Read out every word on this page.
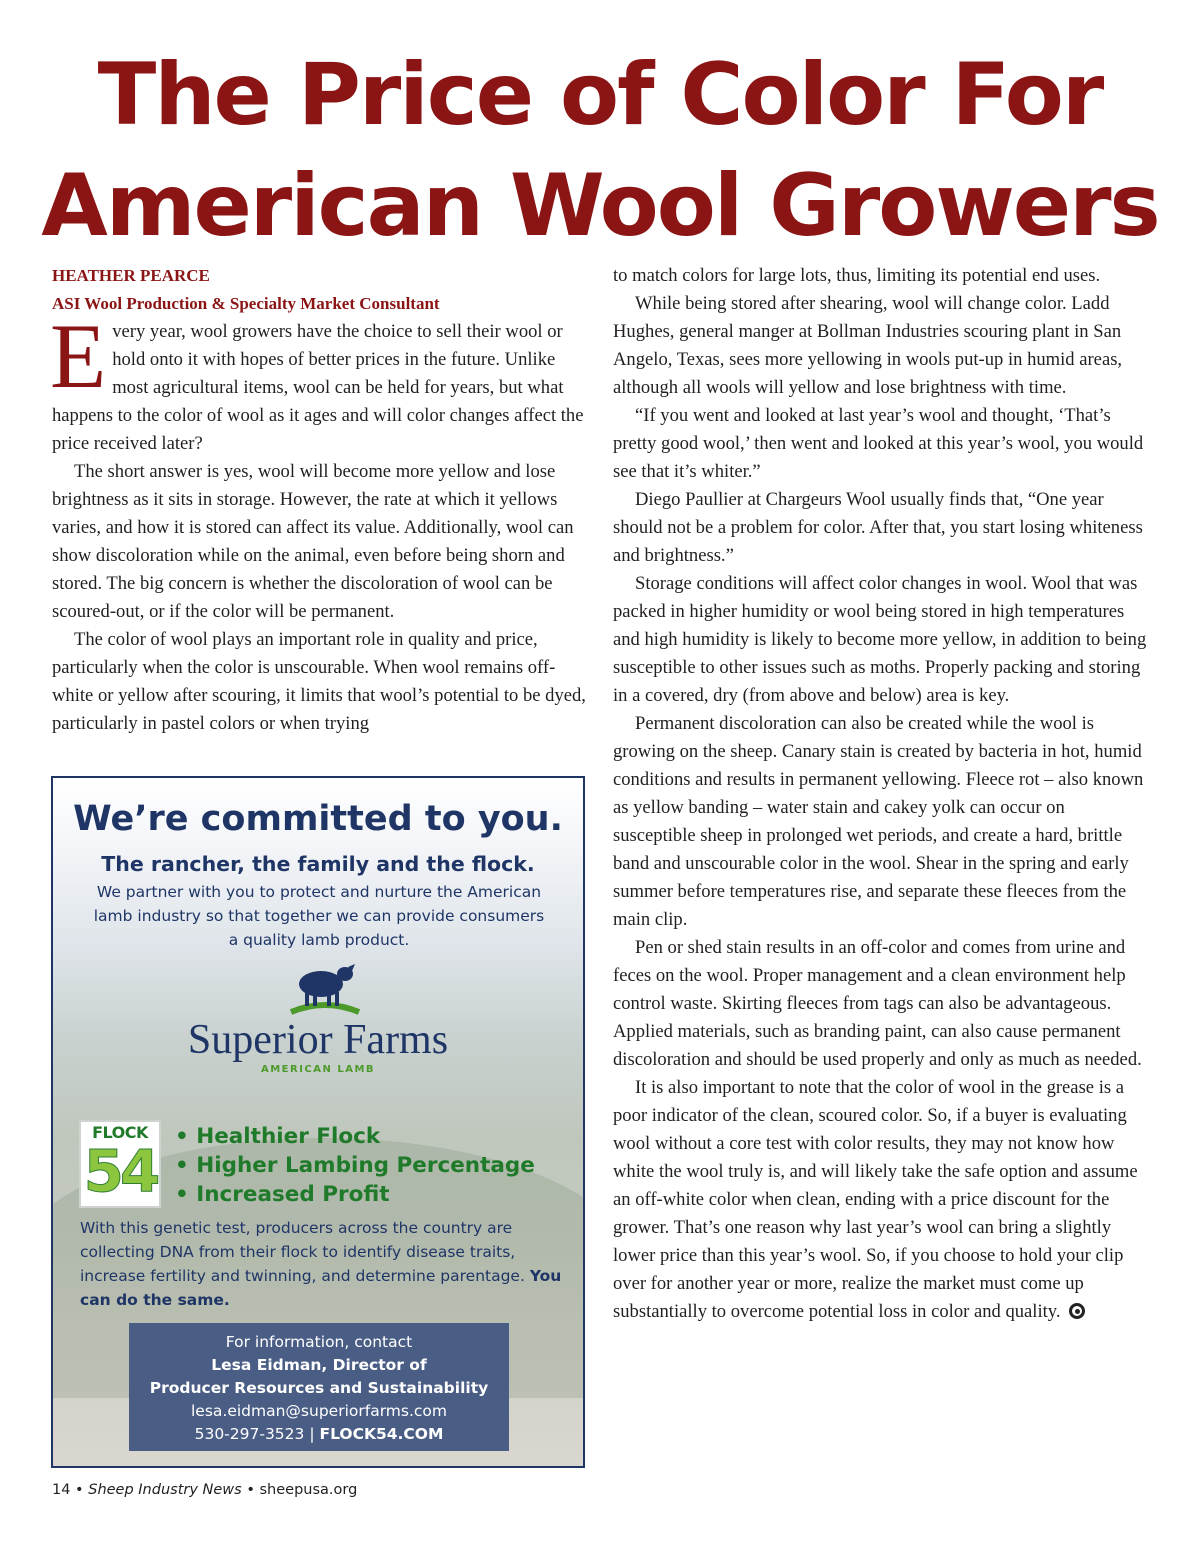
The Price of Color For
American Wool Growers

HEATHER PEARCE

ASI Wool Production & Specialty Market Consultant

Every year, wool growers have the choice to sell their wool or hold onto it with hopes of better prices in the future. Unlike most agricultural items, wool can be held for years, but what happens to the color of wool as it ages and will color changes affect the price received later?

The short answer is yes, wool will become more yellow and lose brightness as it sits in storage. However, the rate at which it yellows varies, and how it is stored can affect its value. Additionally, wool can show discoloration while on the animal, even before being shorn and stored. The big concern is whether the discoloration of wool can be scoured-out, or if the color will be permanent.

The color of wool plays an important role in quality and price, particularly when the color is unscourable. When wool remains off-white or yellow after scouring, it limits that wool’s potential to be dyed, particularly in pastel colors or when trying

We’re committed to you.
The rancher, the family and the flock.
We partner with you to protect and nurture the American lamb industry so that together we can provide consumers a quality lamb product.
Superior Farms
AMERICAN LAMB
FLOCK
54
• Healthier Flock
• Higher Lambing Percentage
• Increased Profit
With this genetic test, producers across the country are collecting DNA from their flock to identify disease traits, increase fertility and twinning, and determine parentage. You can do the same.
For information, contact
Lesa Eidman, Director of
Producer Resources and Sustainability
lesa.eidman@superiorfarms.com
530-297-3523 | FLOCK54.COM

to match colors for large lots, thus, limiting its potential end uses.

While being stored after shearing, wool will change color. Ladd Hughes, general manger at Bollman Industries scouring plant in San Angelo, Texas, sees more yellowing in wools put-up in humid areas, although all wools will yellow and lose brightness with time.

“If you went and looked at last year’s wool and thought, ‘That’s pretty good wool,’ then went and looked at this year’s wool, you would see that it’s whiter.”

Diego Paullier at Chargeurs Wool usually finds that, “One year should not be a problem for color. After that, you start losing whiteness and brightness.”

Storage conditions will affect color changes in wool. Wool that was packed in higher humidity or wool being stored in high temperatures and high humidity is likely to become more yellow, in addition to being susceptible to other issues such as moths. Properly packing and storing in a covered, dry (from above and below) area is key.

Permanent discoloration can also be created while the wool is growing on the sheep. Canary stain is created by bacteria in hot, humid conditions and results in permanent yellowing. Fleece rot – also known as yellow banding – water stain and cakey yolk can occur on susceptible sheep in prolonged wet periods, and create a hard, brittle band and unscourable color in the wool. Shear in the spring and early summer before temperatures rise, and separate these fleeces from the main clip.

Pen or shed stain results in an off-color and comes from urine and feces on the wool. Proper management and a clean environment help control waste. Skirting fleeces from tags can also be advantageous. Applied materials, such as branding paint, can also cause permanent discoloration and should be used properly and only as much as needed.

It is also important to note that the color of wool in the grease is a poor indicator of the clean, scoured color. So, if a buyer is evaluating wool without a core test with color results, they may not know how white the wool truly is, and will likely take the safe option and assume an off-white color when clean, ending with a price discount for the grower. That’s one reason why last year’s wool can bring a slightly lower price than this year’s wool. So, if you choose to hold your clip over for another year or more, realize the market must come up substantially to overcome potential loss in color and quality.

14 • Sheep Industry News • sheepusa.org
